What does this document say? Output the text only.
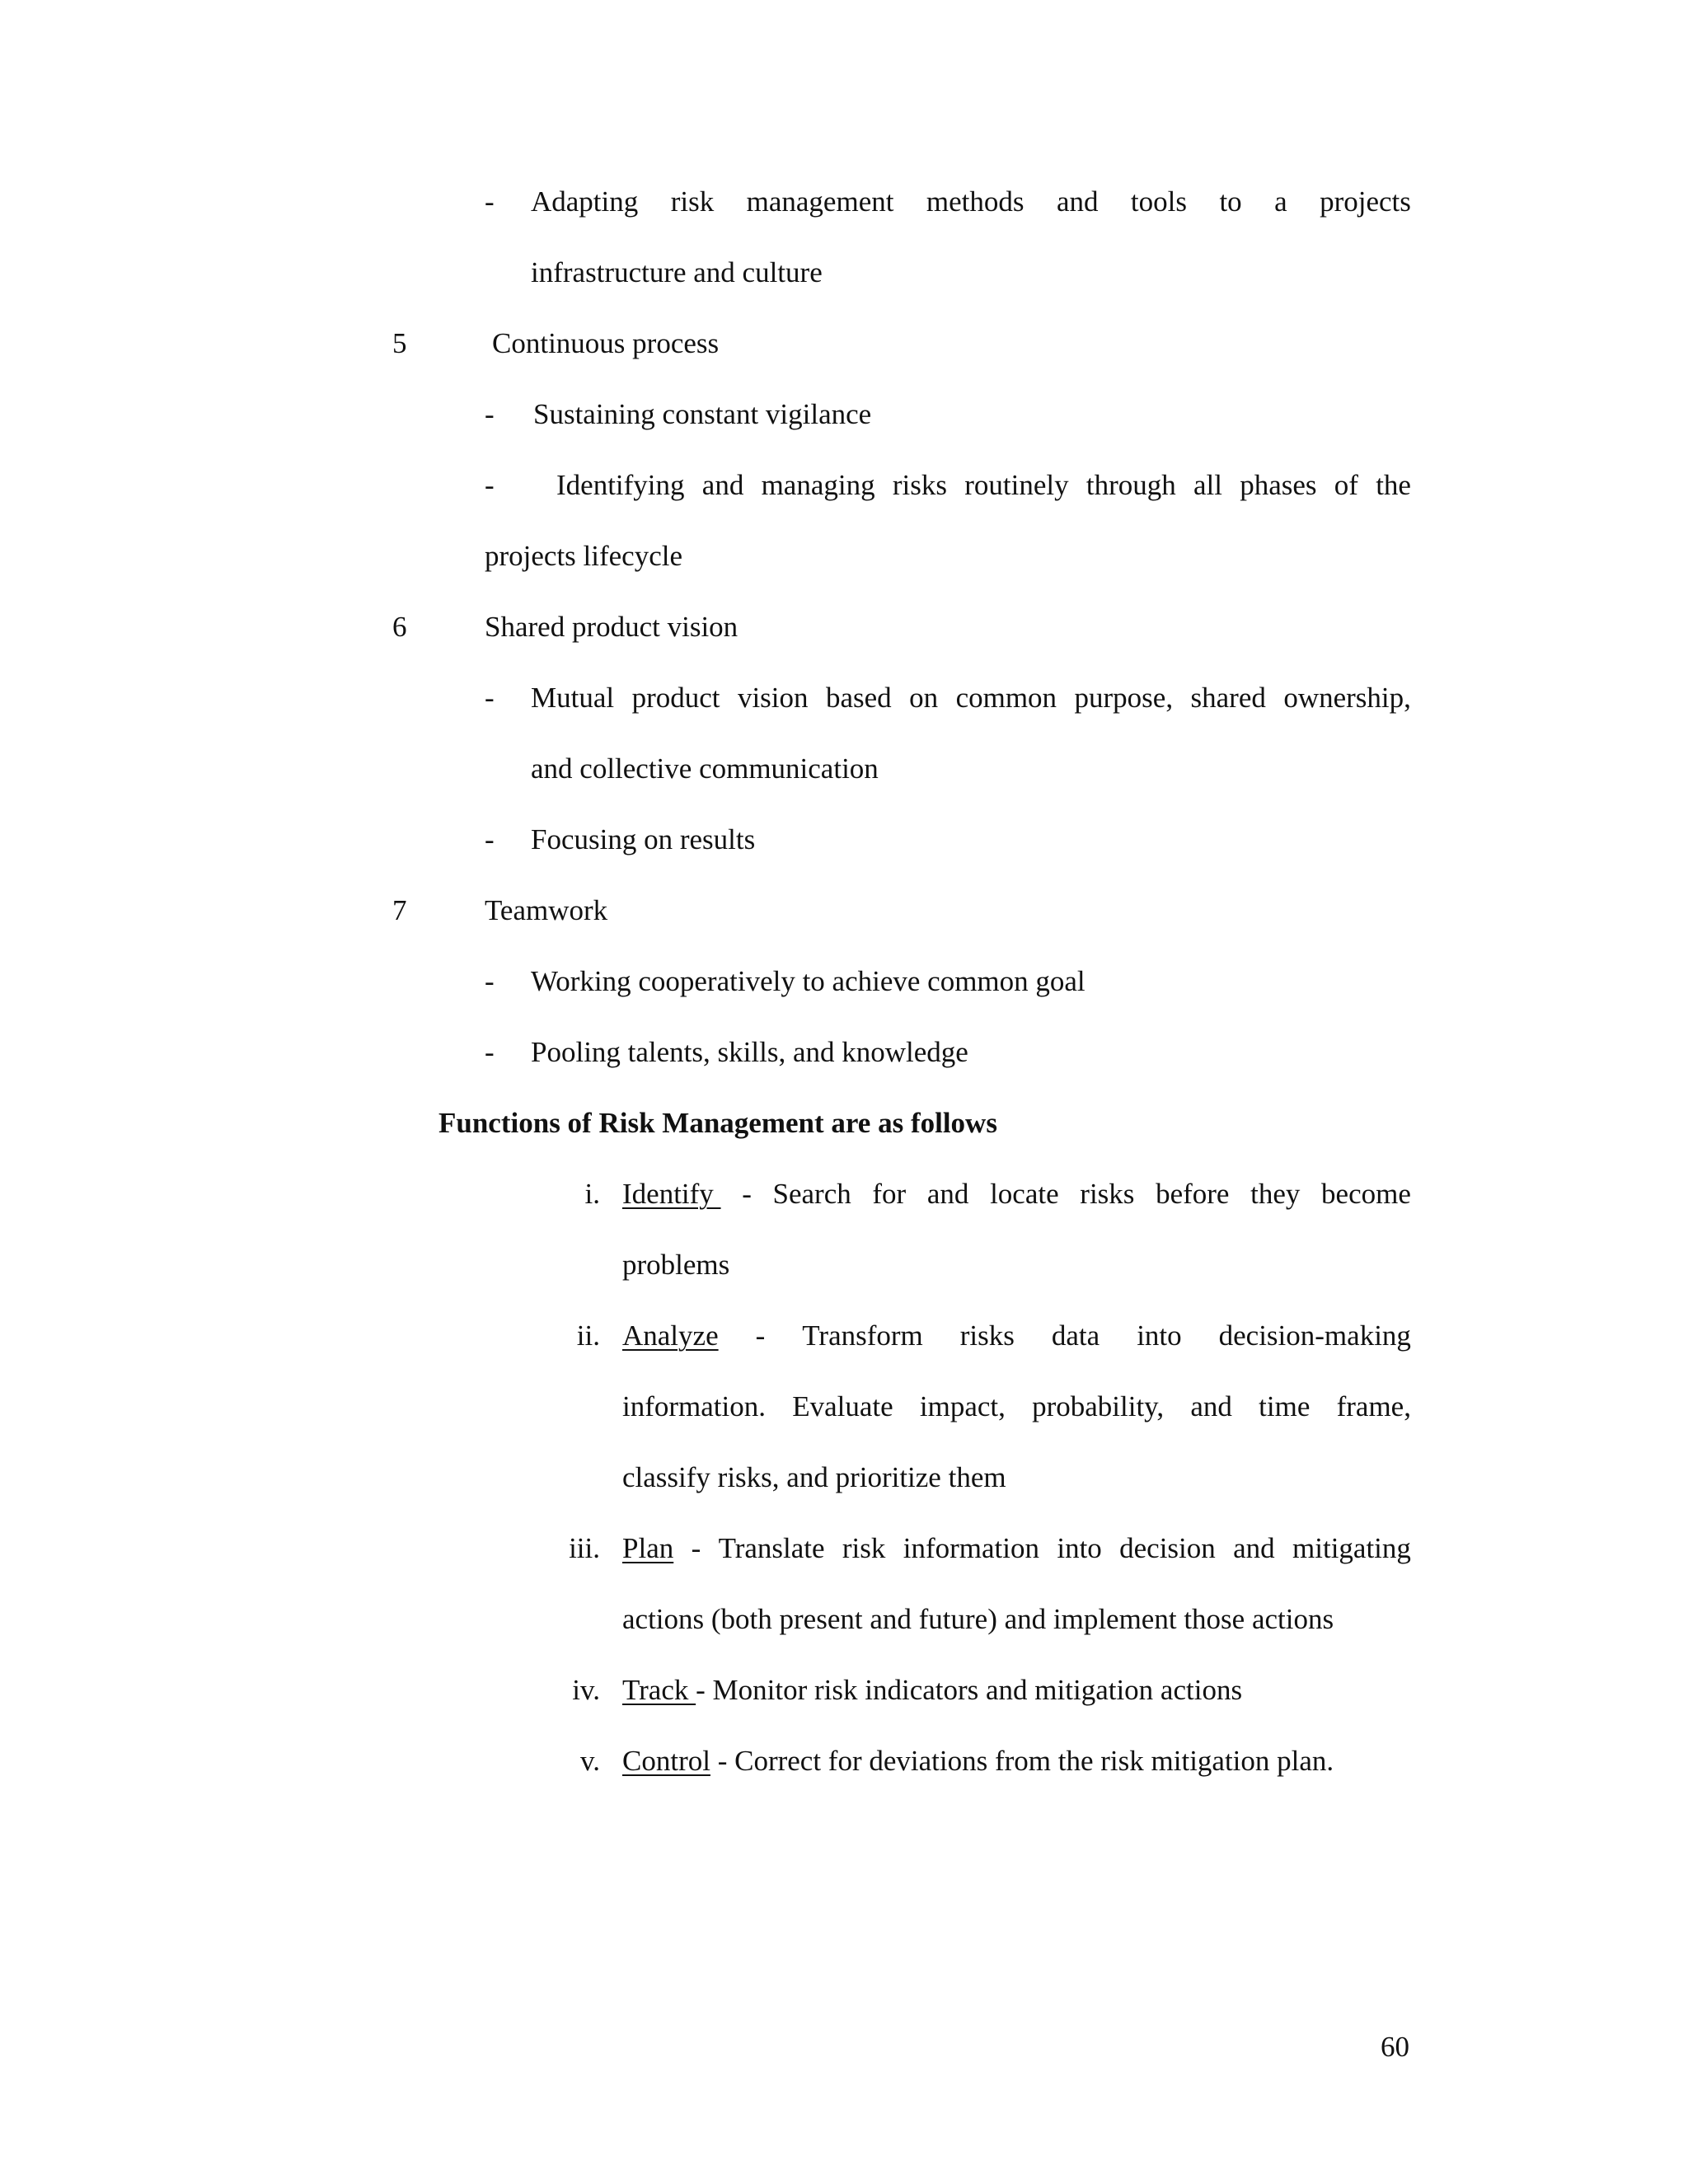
- Adapting risk management methods and tools to a projects
infrastructure and culture
5	Continuous process
- Sustaining constant vigilance
- Identifying and managing risks routinely through all phases of the
projects lifecycle
6	Shared product vision
- Mutual product vision based on common purpose, shared ownership,
and collective communication
- Focusing on results
7	Teamwork
- Working cooperatively to achieve common goal
- Pooling talents, skills, and knowledge
Functions of Risk Management are as follows
i. Identify - Search for and locate risks before they become
problems
ii. Analyze - Transform risks data into decision-making
information. Evaluate impact, probability, and time frame,
classify risks, and prioritize them
iii. Plan - Translate risk information into decision and mitigating
actions (both present and future) and implement those actions
iv. Track - Monitor risk indicators and mitigation actions
v. Control - Correct for deviations from the risk mitigation plan.
60
